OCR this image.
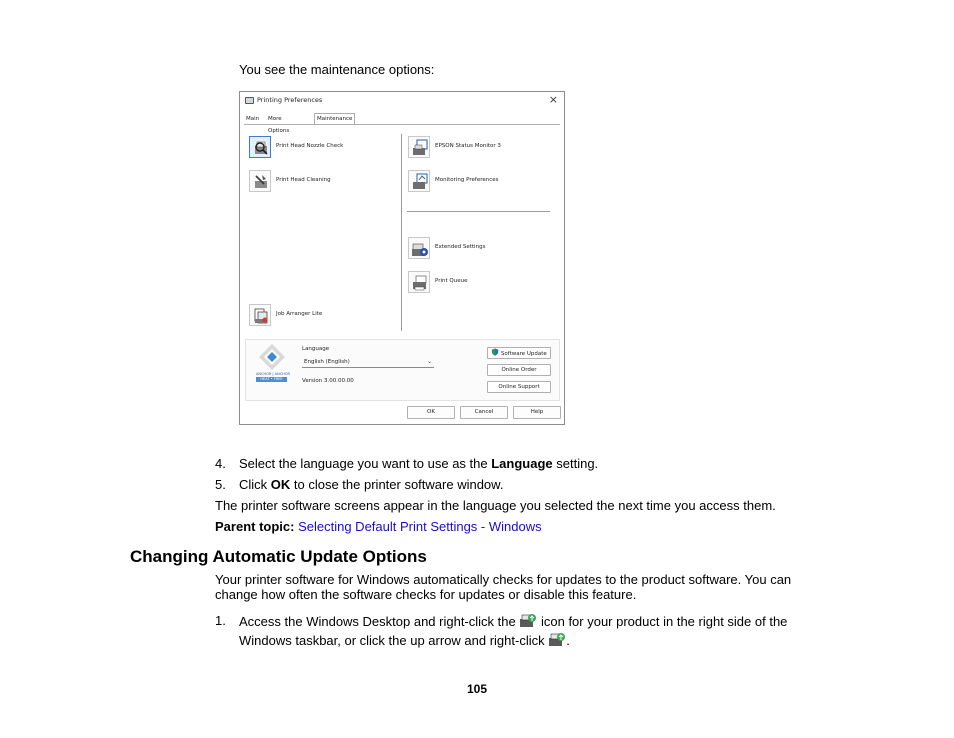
You see the maintenance options:
Printing Preferences	×
Main	More Options
Maintenance
Print Head Nozzle Check
Print Head Cleaning
Job Arranger Lite
EPSON Status Monitor 3
Monitoring Preferences
Extended Settings
Print Queue
ANCHOR | ANCHOR
HEAT • FREE
Language
English (English)	⌄
Version 3.00.00.00
Software Update
Online Order
Online Support
OK	Cancel	Help
4. Select the language you want to use as the Language setting.
5. Click OK to close the printer software window.
The printer software screens appear in the language you selected the next time you access them.
Parent topic: Selecting Default Print Settings - Windows
Changing Automatic Update Options
Your printer software for Windows automatically checks for updates to the product software. You can
change how often the software checks for updates or disable this feature.
1. Access the Windows Desktop and right-click the icon for your product in the right side of the
Windows taskbar, or click the up arrow and right-click .
105
